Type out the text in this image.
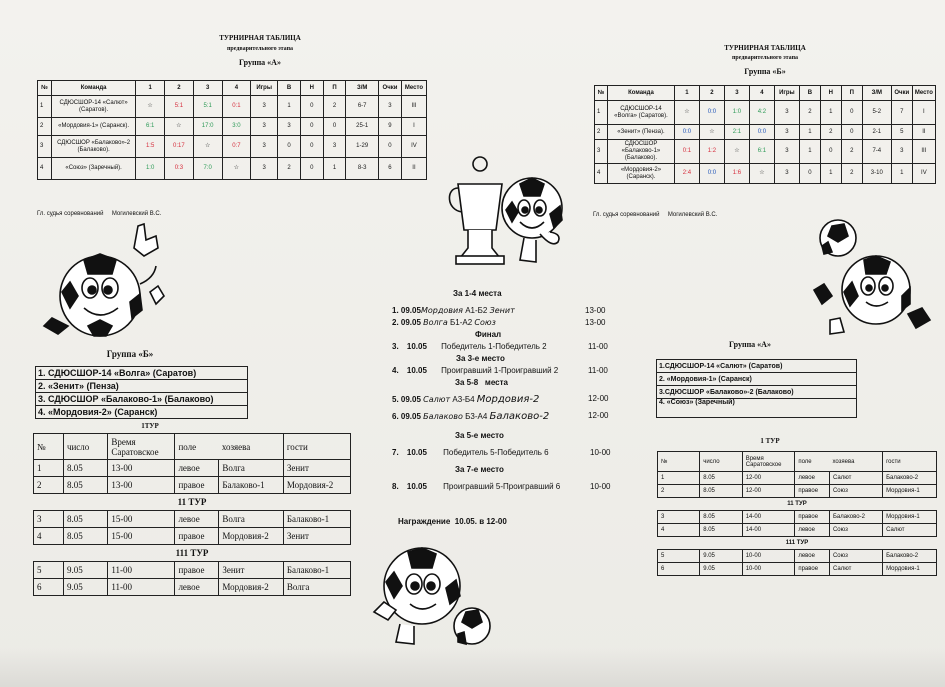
ТУРНИРНАЯ ТАБЛИЦА
предварительного этапа
Группа «А»
№	Команда	1	2	3	4	Игры	В	Н	П	З/М	Очки	Место
1	СДЮСШОР-14 «Салют» (Саратов).	☆	5:1	5:1	0:1	3	1	0	2	6-7	3	III
2	«Мордовия-1» (Саранск).	6:1	☆	17:0	3:0	3	3	0	0	25-1	9	I
3	СДЮСШОР «Балаково»-2 (Балаково).	1:5	0:17	☆	0:7	3	0	0	3	1-29	0	IV
4	«Союз» (Заречный).	1:0	0:3	7:0	☆	3	2	0	1	8-3	6	II
Гл. судья соревнований     Могилевский В.С.
ТУРНИРНАЯ ТАБЛИЦА
предварительного этапа
Группа «Б»
№	Команда	1	2	3	4	Игры	В	Н	П	З/М	Очки	Место
1	СДЮСШОР-14 «Волга» (Саратов).	☆	0:0	1:0	4:2	3	2	1	0	5-2	7	I
2	«Зенит» (Пенза).	0:0	☆	2:1	0:0	3	1	2	0	2-1	5	II
3	СДЮСШОР «Балаково-1» (Балаково).	0:1	1:2	☆	6:1	3	1	0	2	7-4	3	III
4	«Мордовия-2» (Саранск).	2:4	0:0	1:6	☆	3	0	1	2	3-10	1	IV
Гл. судья соревнований     Могилевский В.С.
Группа «Б»
1. СДЮСШОР-14 «Волга» (Саратов)
2. «Зенит» (Пенза)
3. СДЮСШОР «Балаково-1» (Балаково)
4. «Мордовия-2» (Саранск)
1ТУР
№	число	Время Саратовское	поле	хозяева	гости
1	8.05	13-00	левое	Волга	Зенит
2	8.05	13-00	правое	Балаково-1	Мордовия-2
11 ТУР					
3	8.05	15-00	левое	Волга	Балаково-1
4	8.05	15-00	правое	Мордовия-2	Зенит
111 ТУР					
5	9.05	11-00	правое	Зенит	Балаково-1
6	9.05	11-00	левое	Мордовия-2	Волга
Группа «А»
1.СДЮСШОР-14 «Салют» (Саратов)
2. «Мордовия-1» (Саранск)
3.СДЮСШОР «Балаково»-2 (Балаково)
4. «Союз» (Заречный)
1 ТУР
№	число	Время Саратовское	поле	хозяева	гости
1	8.05	12-00	левое	Салют	Балаково-2
2	8.05	12-00	правое	Союз	Мордовия-1
11 ТУР					
3	8.05	14-00	правое	Балаково-2	Мордовия-1
4	8.05	14-00	левое	Союз	Салют
111 ТУР					
5	9.05	10-00	левое	Союз	Балаково-2
6	9.05	10-00	правое	Салют	Мордовия-1
За 1-4 места
1. 09.05Мордовия А1-Б2 Зенит	13-00
2. 09.05 Волга Б1-А2 Союз	13-00
Финал
3. 10.05 Победитель 1-Победитель 2	11-00
За 3-е место
4. 10.05 Проигравший 1-Проигравший 2	11-00
За 5-8   места
5. 09.05 Салют А3-Б4 Мордовия-2	12-00
6. 09.05 Балаково Б3-А4 Балаково-2	12-00
За 5-е место
7. 10.05 Победитель 5-Победитель 6	10-00
За 7-е место
8. 10.05 Проигравший 5-Проигравший 6	10-00
Награждение  10.05. в 12-00
